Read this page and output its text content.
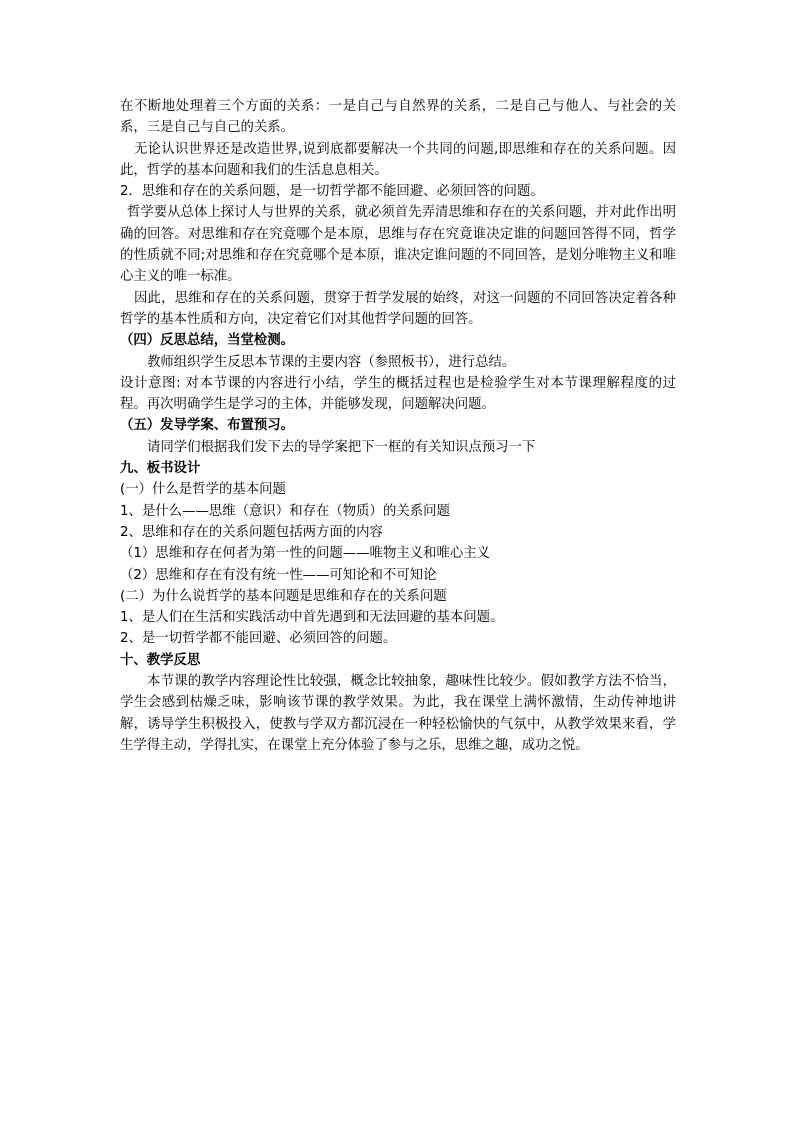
在不断地处理着三个方面的关系：一是自己与自然界的关系，二是自己与他人、与社会的关系，三是自己与自己的关系。
无论认识世界还是改造世界,说到底都要解决一个共同的问题,即思维和存在的关系问题。因此，哲学的基本问题和我们的生活息息相关。
2．思维和存在的关系问题，是一切哲学都不能回避、必须回答的问题。
哲学要从总体上探讨人与世界的关系，就必须首先弄清思维和存在的关系问题，并对此作出明确的回答。对思维和存在究竟哪个是本原，思维与存在究竟谁决定谁的问题回答得不同，哲学的性质就不同;对思维和存在究竟哪个是本原，谁决定谁问题的不同回答，是划分唯物主义和唯心主义的唯一标准。
因此，思维和存在的关系问题，贯穿于哲学发展的始终，对这一问题的不同回答决定着各种哲学的基本性质和方向，决定着它们对其他哲学问题的回答。
（四）反思总结，当堂检测。
教师组织学生反思本节课的主要内容（参照板书），进行总结。
设计意图: 对本节课的内容进行小结，学生的概括过程也是检验学生对本节课理解程度的过程。再次明确学生是学习的主体，并能够发现，问题解决问题。
（五）发导学案、布置预习。
请同学们根据我们发下去的导学案把下一框的有关知识点预习一下
九、板书设计
(一）什么是哲学的基本问题
1、是什么——思维（意识）和存在（物质）的关系问题
2、思维和存在的关系问题包括两方面的内容
（1）思维和存在何者为第一性的问题——唯物主义和唯心主义
（2）思维和存在有没有统一性——可知论和不可知论
(二）为什么说哲学的基本问题是思维和存在的关系问题
1、是人们在生活和实践活动中首先遇到和无法回避的基本问题。
2、是一切哲学都不能回避、必须回答的问题。
十、教学反思
本节课的教学内容理论性比较强，概念比较抽象，趣味性比较少。假如教学方法不恰当，学生会感到枯燥乏味，影响该节课的教学效果。为此，我在课堂上满怀激情，生动传神地讲解，诱导学生积极投入，使教与学双方都沉浸在一种轻松愉快的气氛中，从教学效果来看，学生学得主动，学得扎实，在课堂上充分体验了参与之乐，思维之趣，成功之悦。
